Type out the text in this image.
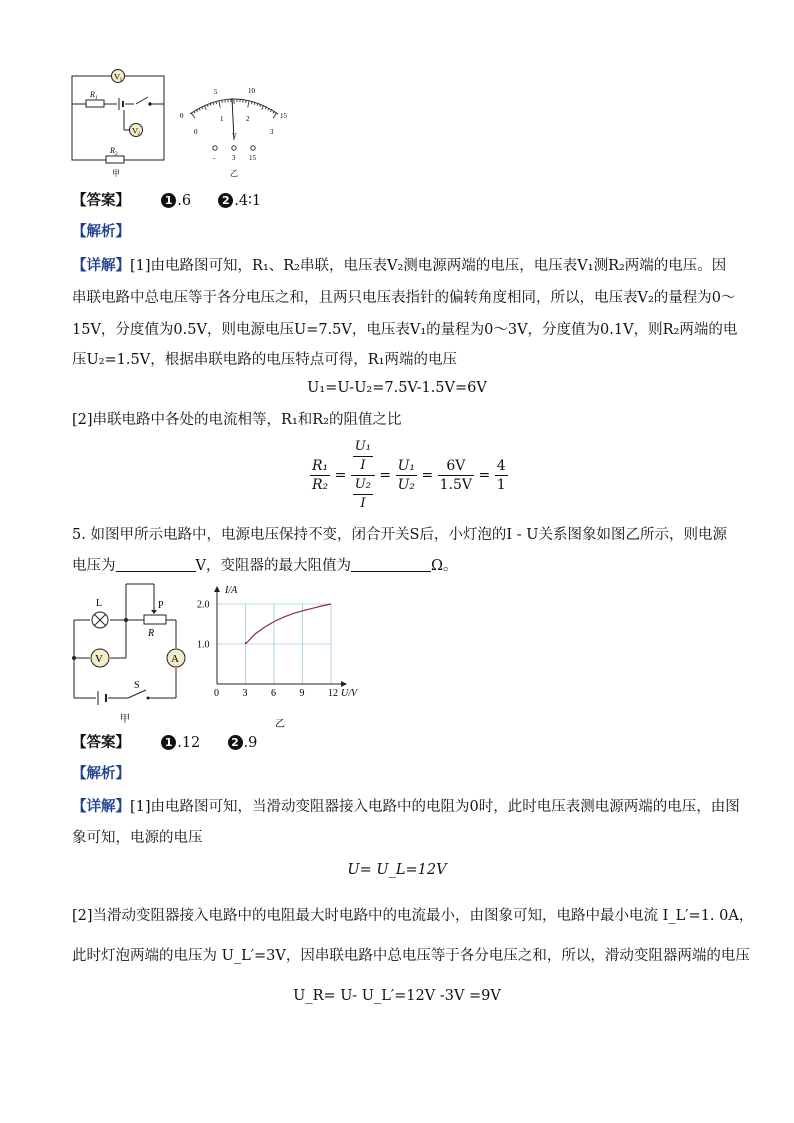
V 1
V 2
$R_1$
$R_2$
甲
0
5	10
15
0
1	2
3
V
- 3 15
乙
【答案】	1 .6	2 .4∶1
【解析】
【详解】[1]由电路图可知，R₁、R₂串联，电压表V₂测电源两端的电压，电压表V₁测R₂两端的电压。因
串联电路中总电压等于各分电压之和，且两只电压表指针的偏转角度相同，所以，电压表V₂的量程为0～
15V，分度值为0.5V，则电源电压U=7.5V，电压表V₁的量程为0～3V，分度值为0.1V，则R₂两端的电
压U₂=1.5V，根据串联电路的电压特点可得，R₁两端的电压
U₁=U-U₂=7.5V-1.5V=6V
[2]串联电路中各处的电流相等，R₁和R₂的阻值之比
$\frac{\text{R₁}}{\text{R₂}} = \frac{\frac{\text{U₁}}{I}}{\frac{\text{U₂}}{I}} = \frac{\text{U₁}}{\text{U₂}} = \frac{6V}{1.5V} = \frac{4}{1}$
5. 如图甲所示电路中，电源电压保持不变，闭合开关S后，小灯泡的I - U关系图象如图乙所示，则电源
电压为	V，变阻器的最大阻值为	Ω。
L	P
R
V	A
S
甲
0 3 6 9 12
1.0
2.0
I/A
U/V
乙
【答案】	1 .12	2 .9
【解析】
【详解】[1]由电路图可知，当滑动变阻器接入电路中的电阻为0时，此时电压表测电源两端的电压，由图
象可知，电源的电压
U= U_L=12V
[2]当滑动变阻器接入电路中的电阻最大时电路中的电流最小，由图象可知，电路中最小电流 I_L′=1. 0A，
此时灯泡两端的电压为 U_L′=3V，因串联电路中总电压等于各分电压之和，所以，滑动变阻器两端的电压
U_R= U- U_L′=12V -3V =9V
